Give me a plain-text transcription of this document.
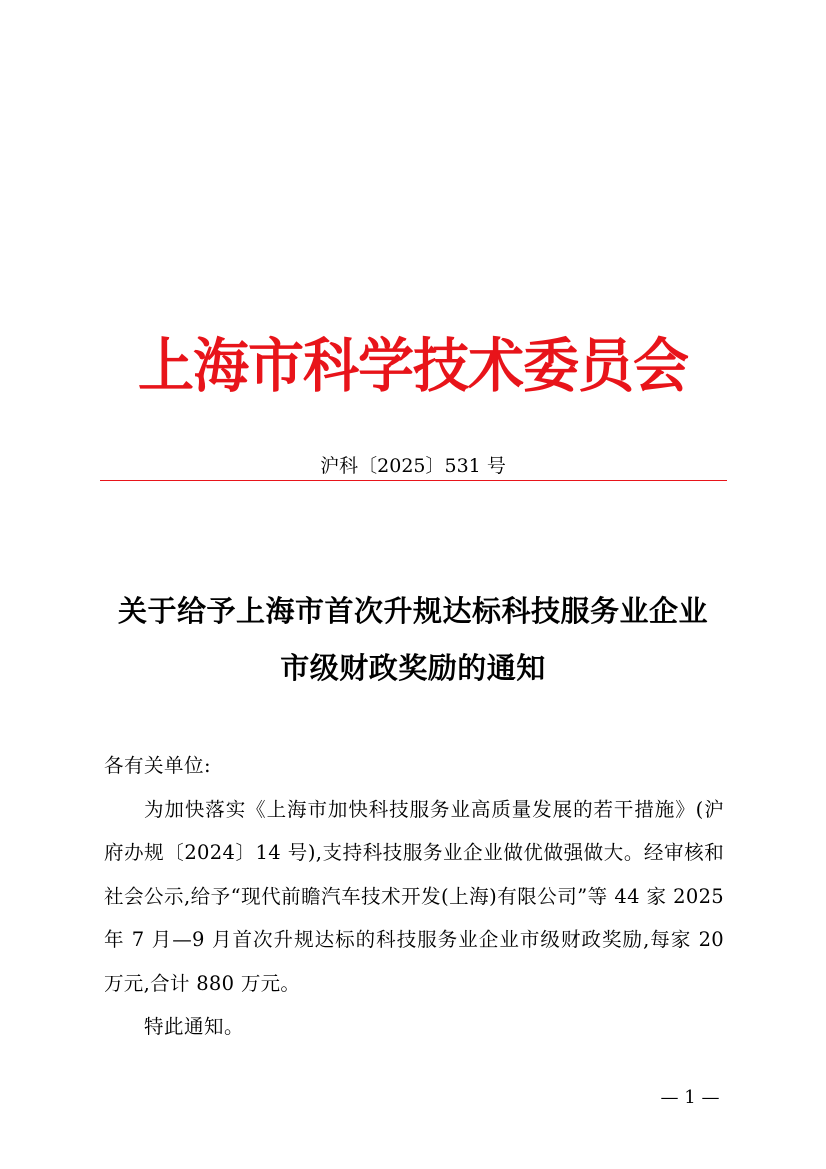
上海市科学技术委员会
沪科〔2025〕531 号
关于给予上海市首次升规达标科技服务业企业
市级财政奖励的通知

各有关单位:

为加快落实《上海市加快科技服务业高质量发展的若干措施》(沪府办规〔2024〕14 号),支持科技服务业企业做优做强做大。经审核和社会公示,给予“现代前瞻汽车技术开发(上海)有限公司”等 44 家 2025 年 7 月—9 月首次升规达标的科技服务业企业市级财政奖励,每家 20 万元,合计 880 万元。

特此通知。

— 1 —
